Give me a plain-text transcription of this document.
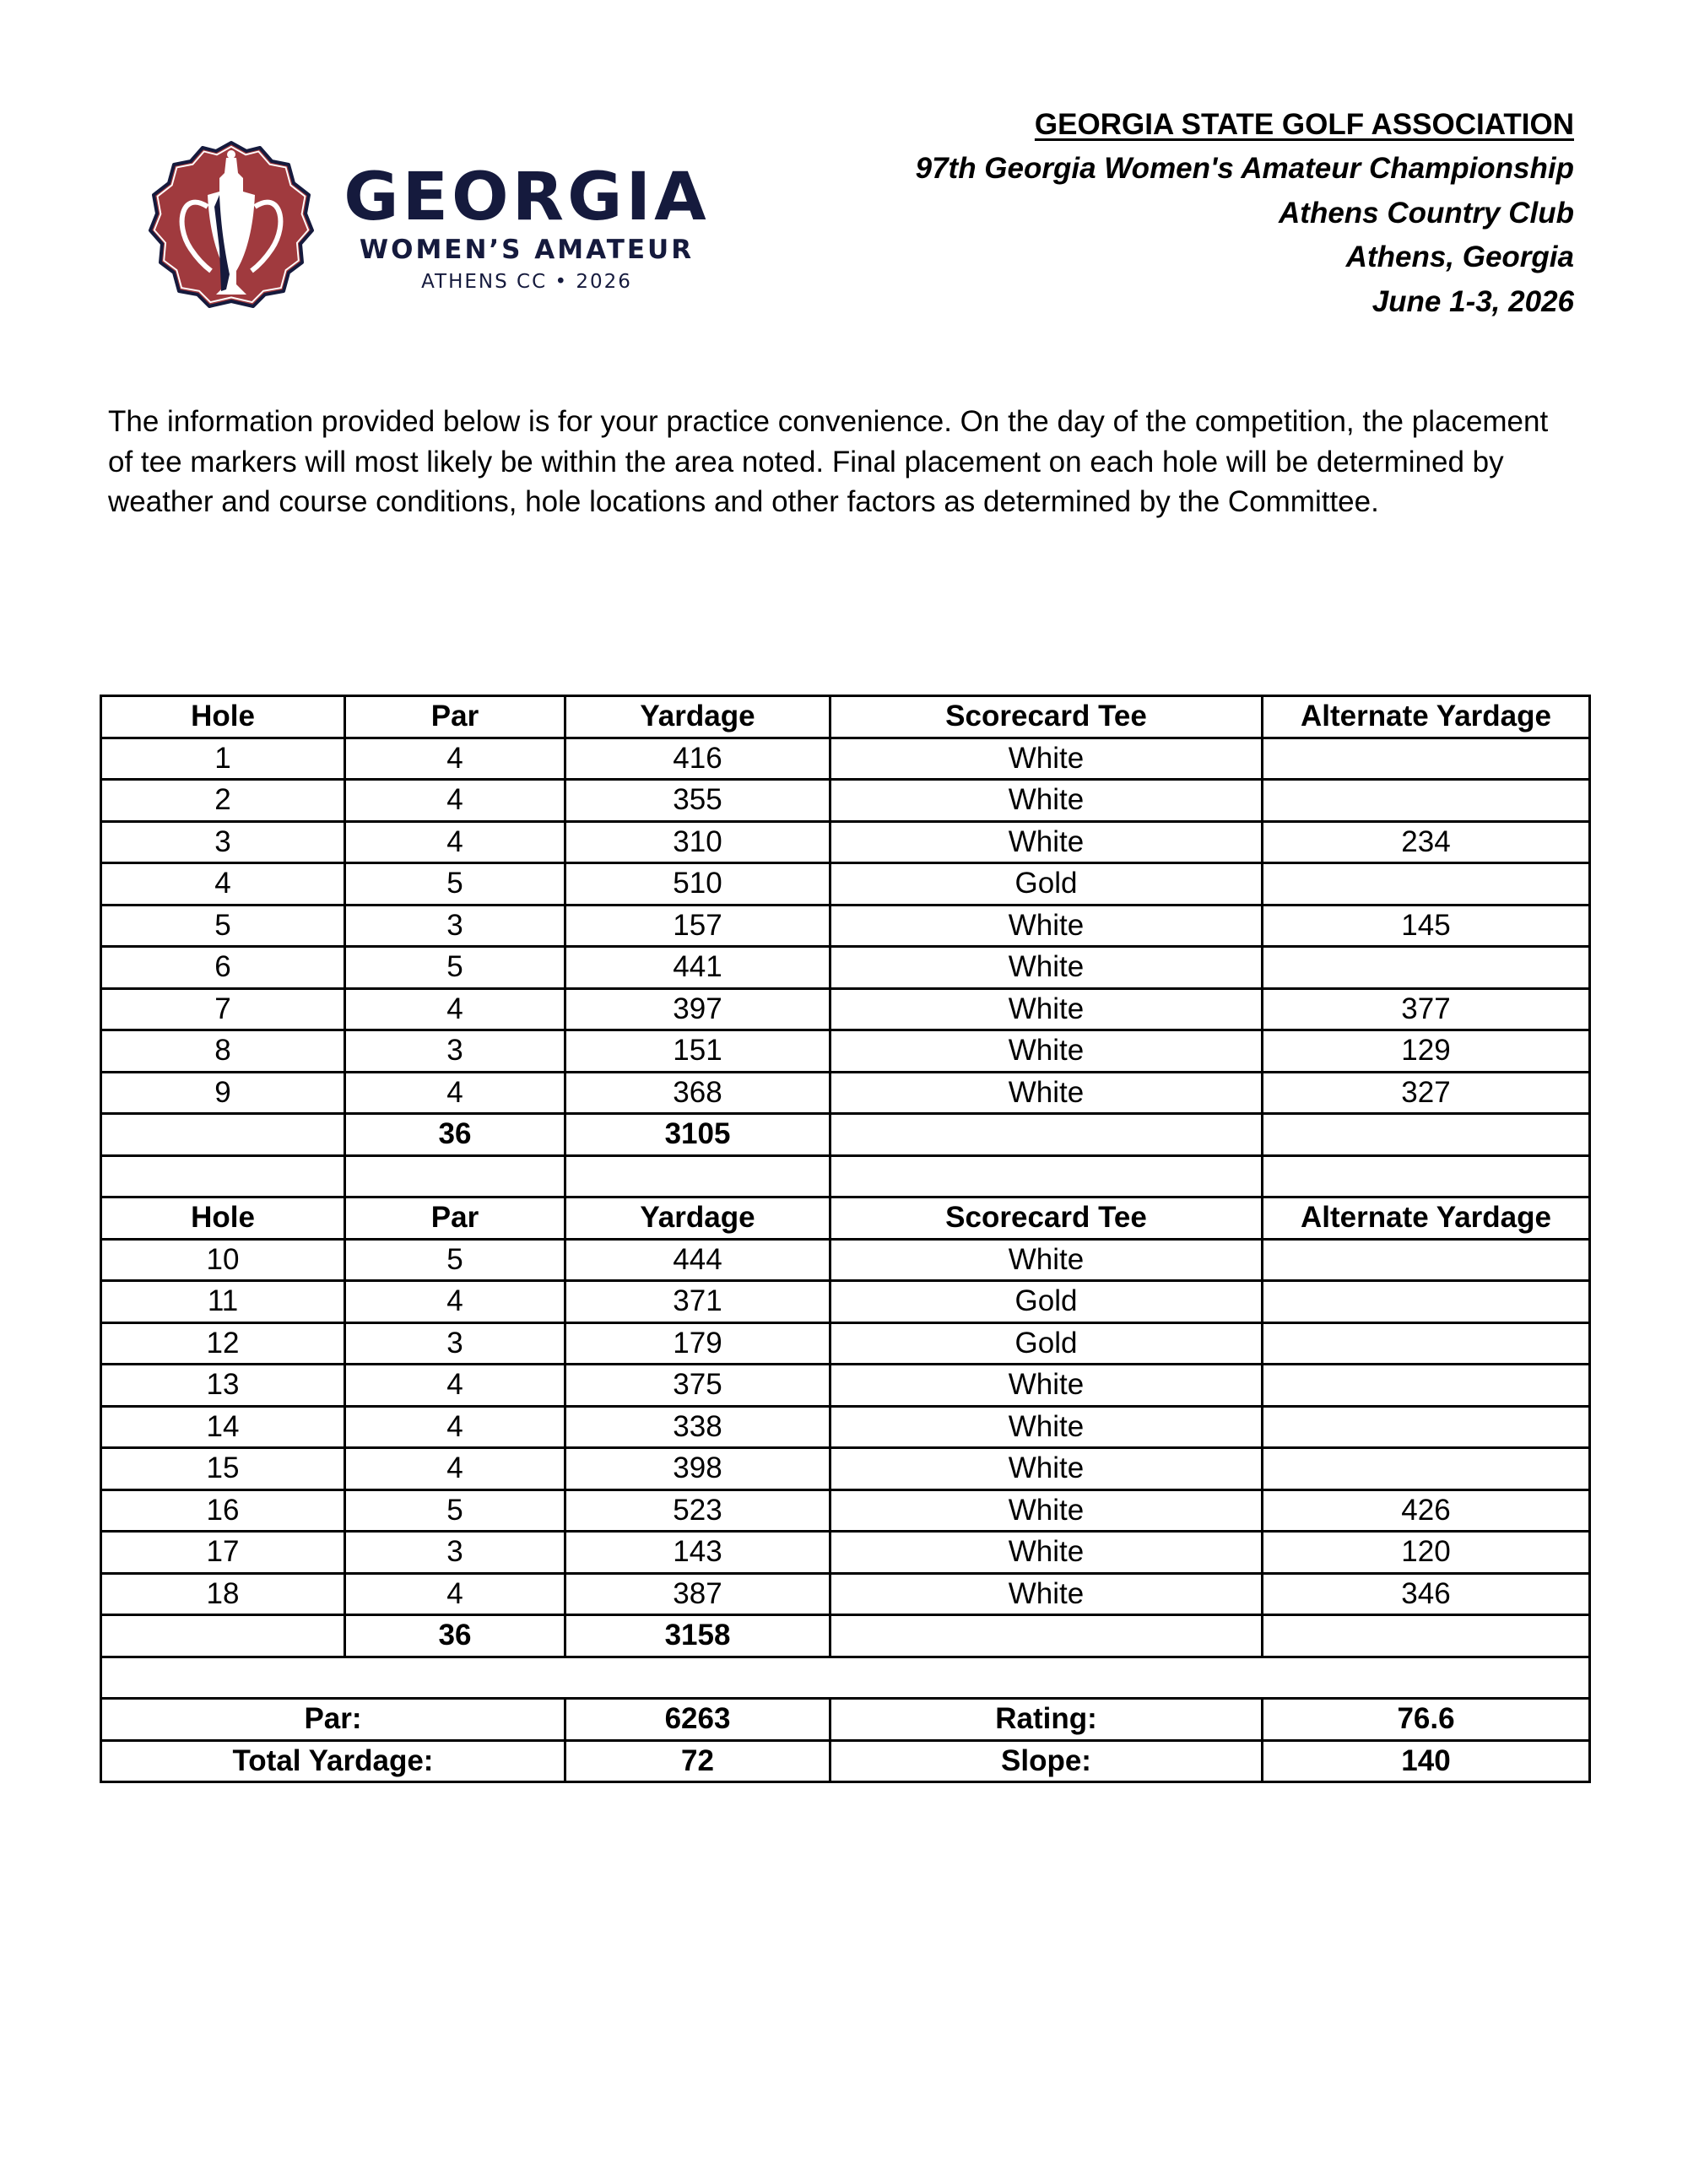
GEORGIA
WOMEN’S AMATEUR
ATHENS CC • 2026
GEORGIA STATE GOLF ASSOCIATION
97th Georgia Women's Amateur Championship
Athens Country Club
Athens, Georgia
June 1-3, 2026
The information provided below is for your practice convenience. On the day of the competition, the placement of tee markers will most likely be within the area noted. Final placement on each hole will be determined by weather and course conditions, hole locations and other factors as determined by the Committee.
Hole	Par	Yardage	Scorecard Tee	Alternate Yardage
1	4	416	White	
2	4	355	White	
3	4	310	White	234
4	5	510	Gold	
5	3	157	White	145
6	5	441	White	
7	4	397	White	377
8	3	151	White	129
9	4	368	White	327
	36	3105		

Hole	Par	Yardage	Scorecard Tee	Alternate Yardage
10	5	444	White	
11	4	371	Gold	
12	3	179	Gold	
13	4	375	White	
14	4	338	White	
15	4	398	White	
16	5	523	White	426
17	3	143	White	120
18	4	387	White	346
	36	3158		

Par:		6263	Rating:	76.6
Total Yardage:		72	Slope:	140
